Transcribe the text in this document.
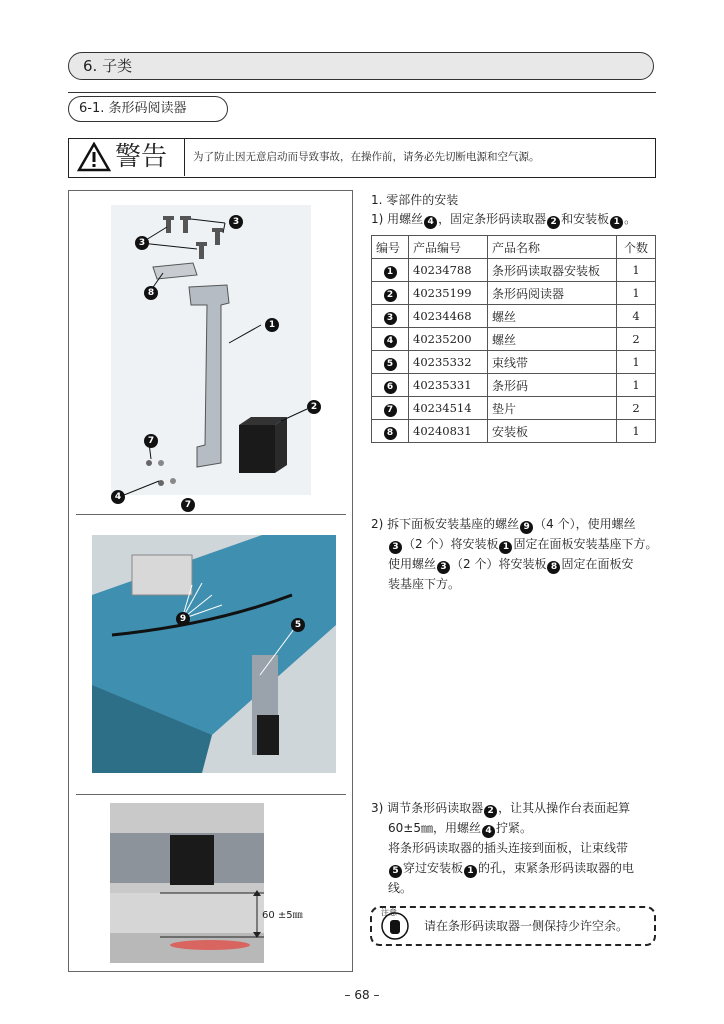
6. 子类
6-1. 条形码阅读器
警告 为了防止因无意启动而导致事故，在操作前，请务必先切断电源和空气源。
3
3
8
1
2
7
4
7
9
5
60 ±5㎜
1. 零部件的安装
1) 用螺丝 4 ，固定条形码读取器 2 和安装板 1 。
编号	产品编号	产品名称	个数
1	40234788	条形码读取器安装板	1
2	40235199	条形码阅读器	1
3	40234468	螺丝	4
4	40235200	螺丝	2
5	40235332	束线带	1
6	40235331	条形码	1
7	40234514	垫片	2
8	40240831	安装板	1
2) 拆下面板安装基座的螺丝 9 （4 个），使用螺丝
3 （2 个）将安装板 1 固定在面板安装基座下方。
使用螺丝 3 （2 个）将安装板 8 固定在面板安
装基座下方。
3) 调节条形码读取器 2 ，让其从操作台表面起算
60±5㎜，用螺丝 4 拧紧。
将条形码读取器的插头连接到面板，让束线带
5 穿过安装板 1 的孔，束紧条形码读取器的电
线。
注意
请在条形码读取器一侧保持少许空余。
– 68 –
